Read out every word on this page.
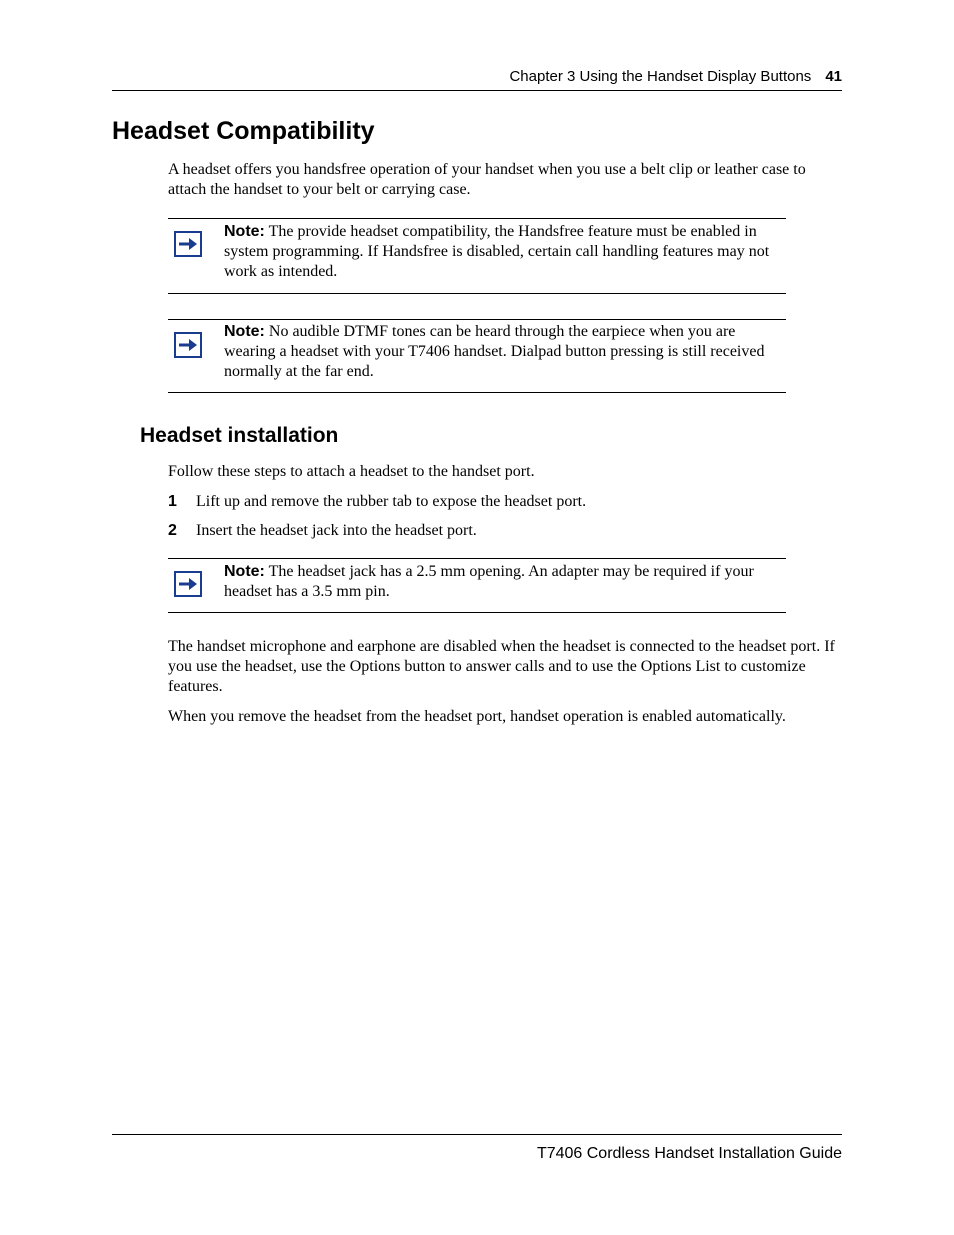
Chapter 3 Using the Handset Display Buttons 41
Headset Compatibility

A headset offers you handsfree operation of your handset when you use a belt clip or leather case to attach the handset to your belt or carrying case.

Note: The provide headset compatibility, the Handsfree feature must be enabled in system programming. If Handsfree is disabled, certain call handling features may not work as intended.
Note: No audible DTMF tones can be heard through the earpiece when you are wearing a headset with your T7406 handset. Dialpad button pressing is still received normally at the far end.
Headset installation

Follow these steps to attach a headset to the handset port.

1 Lift up and remove the rubber tab to expose the headset port.
2 Insert the headset jack into the headset port.
Note: The headset jack has a 2.5 mm opening. An adapter may be required if your headset has a 3.5 mm pin.

The handset microphone and earphone are disabled when the headset is connected to the headset port. If you use the headset, use the Options button to answer calls and to use the Options List to customize features.

When you remove the headset from the headset port, handset operation is enabled automatically.

T7406 Cordless Handset Installation Guide
